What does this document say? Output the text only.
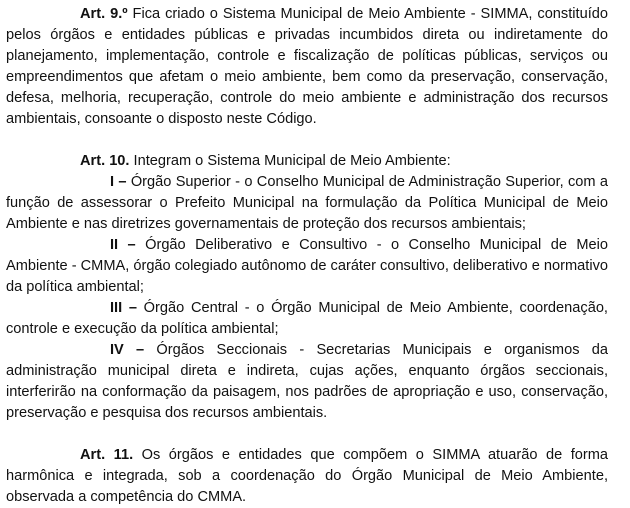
Art. 9.º Fica criado o Sistema Municipal de Meio Ambiente - SIMMA, constituído pelos órgãos e entidades públicas e privadas incumbidos direta ou indiretamente do planejamento, implementação, controle e fiscalização de políticas públicas, serviços ou empreendimentos que afetam o meio ambiente, bem como da preservação, conservação, defesa, melhoria, recuperação, controle do meio ambiente e administração dos recursos ambientais, consoante o disposto neste Código.

Art. 10. Integram o Sistema Municipal de Meio Ambiente:

I – Órgão Superior - o Conselho Municipal de Administração Superior, com a função de assessorar o Prefeito Municipal na formulação da Política Municipal de Meio Ambiente e nas diretrizes governamentais de proteção dos recursos ambientais;

II – Órgão Deliberativo e Consultivo - o Conselho Municipal de Meio Ambiente - CMMA, órgão colegiado autônomo de caráter consultivo, deliberativo e normativo da política ambiental;

III – Órgão Central - o Órgão Municipal de Meio Ambiente, coordenação, controle e execução da política ambiental;

IV – Órgãos Seccionais - Secretarias Municipais e organismos da administração municipal direta e indireta, cujas ações, enquanto órgãos seccionais, interferirão na conformação da paisagem, nos padrões de apropriação e uso, conservação, preservação e pesquisa dos recursos ambientais.

Art. 11. Os órgãos e entidades que compõem o SIMMA atuarão de forma harmônica e integrada, sob a coordenação do Órgão Municipal de Meio Ambiente, observada a competência do CMMA.
